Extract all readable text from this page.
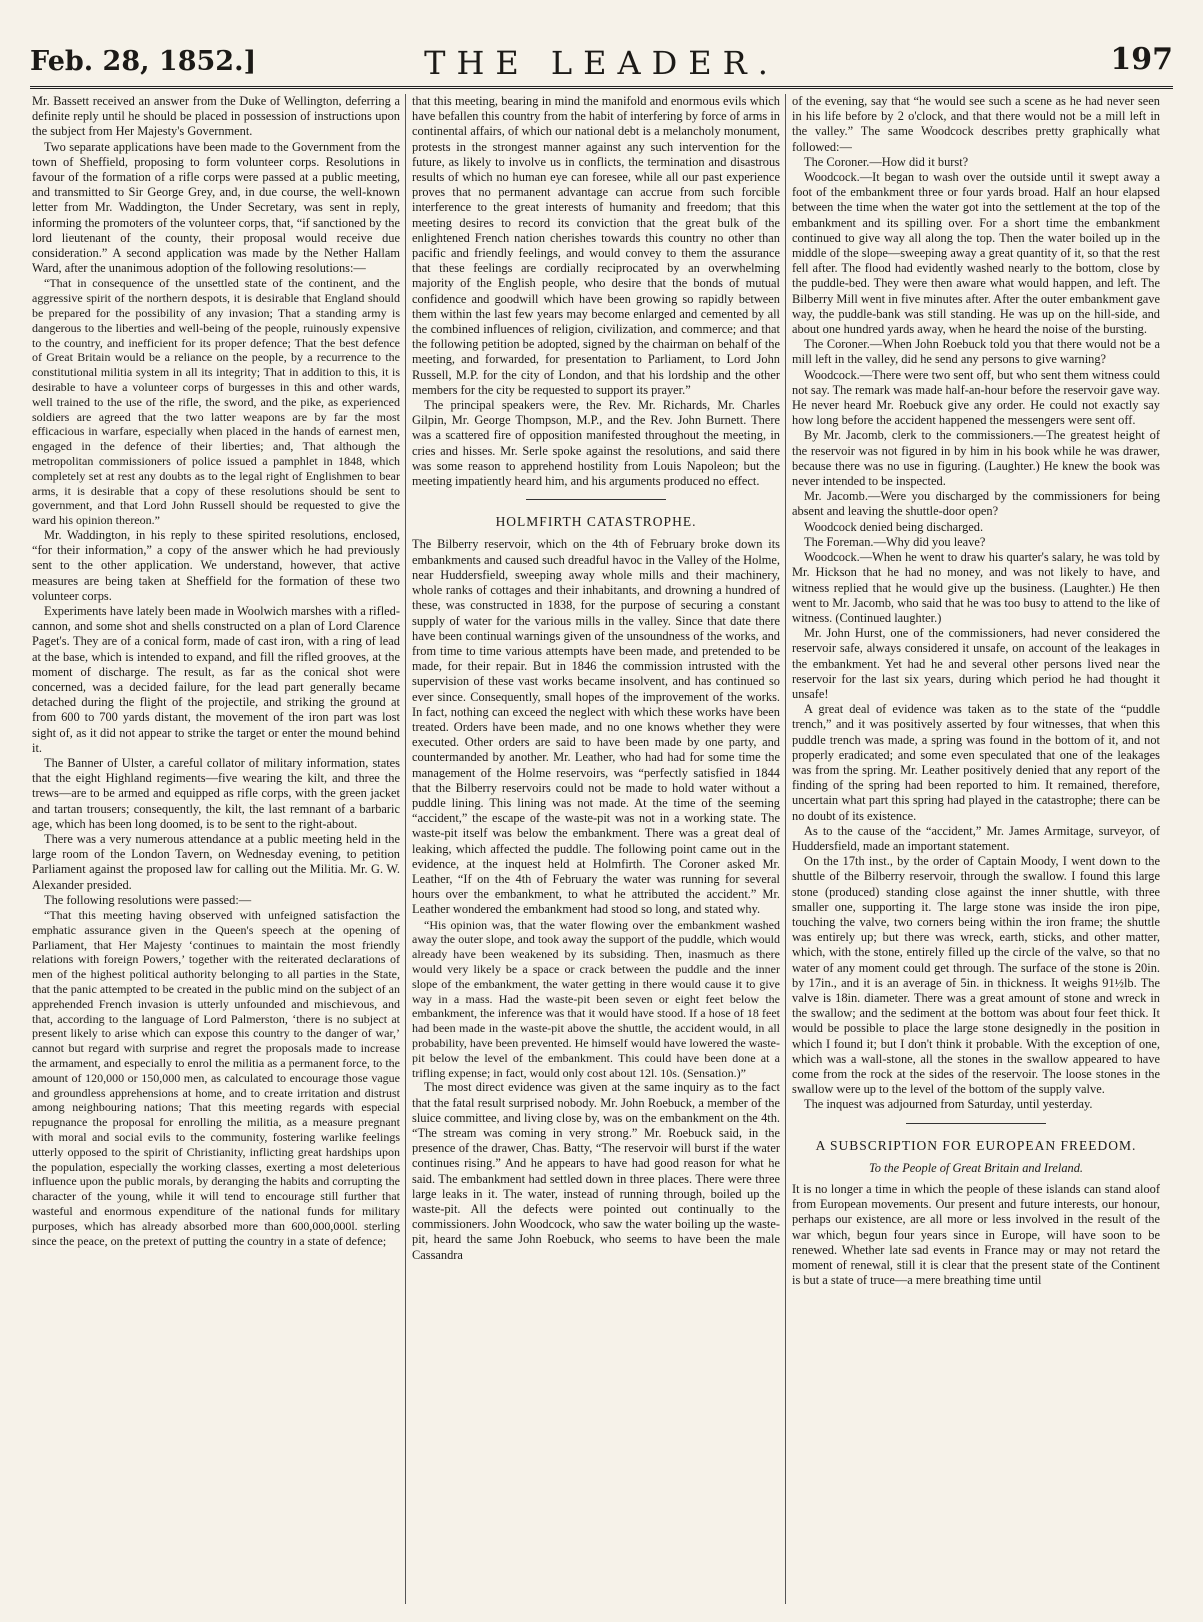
Feb. 28, 1852.]	THE LEADER.	197

Mr. Bassett received an answer from the Duke of Wellington, deferring a definite reply until he should be placed in possession of instructions upon the subject from Her Majesty's Government.

Two separate applications have been made to the Government from the town of Sheffield, proposing to form volunteer corps. Resolutions in favour of the formation of a rifle corps were passed at a public meeting, and transmitted to Sir George Grey, and, in due course, the well-known letter from Mr. Waddington, the Under Secretary, was sent in reply, informing the promoters of the volunteer corps, that, “if sanctioned by the lord lieutenant of the county, their proposal would receive due consideration.” A second application was made by the Nether Hallam Ward, after the unanimous adoption of the following resolutions:—

“That in consequence of the unsettled state of the continent, and the aggressive spirit of the northern despots, it is desirable that England should be prepared for the possibility of any invasion; That a standing army is dangerous to the liberties and well-being of the people, ruinously expensive to the country, and inefficient for its proper defence; That the best defence of Great Britain would be a reliance on the people, by a recurrence to the constitutional militia system in all its integrity; That in addition to this, it is desirable to have a volunteer corps of burgesses in this and other wards, well trained to the use of the rifle, the sword, and the pike, as experienced soldiers are agreed that the two latter weapons are by far the most efficacious in warfare, especially when placed in the hands of earnest men, engaged in the defence of their liberties; and, That although the metropolitan commissioners of police issued a pamphlet in 1848, which completely set at rest any doubts as to the legal right of Englishmen to bear arms, it is desirable that a copy of these resolutions should be sent to government, and that Lord John Russell should be requested to give the ward his opinion thereon.”

Mr. Waddington, in his reply to these spirited resolutions, enclosed, “for their information,” a copy of the answer which he had previously sent to the other application. We understand, however, that active measures are being taken at Sheffield for the formation of these two volunteer corps.

Experiments have lately been made in Woolwich marshes with a rifled-cannon, and some shot and shells constructed on a plan of Lord Clarence Paget's. They are of a conical form, made of cast iron, with a ring of lead at the base, which is intended to expand, and fill the rifled grooves, at the moment of discharge. The result, as far as the conical shot were concerned, was a decided failure, for the lead part generally became detached during the flight of the projectile, and striking the ground at from 600 to 700 yards distant, the movement of the iron part was lost sight of, as it did not appear to strike the target or enter the mound behind it.

The Banner of Ulster, a careful collator of military information, states that the eight Highland regiments—five wearing the kilt, and three the trews—are to be armed and equipped as rifle corps, with the green jacket and tartan trousers; consequently, the kilt, the last remnant of a barbaric age, which has been long doomed, is to be sent to the right-about.

There was a very numerous attendance at a public meeting held in the large room of the London Tavern, on Wednesday evening, to petition Parliament against the proposed law for calling out the Militia. Mr. G. W. Alexander presided.

The following resolutions were passed:—

“That this meeting having observed with unfeigned satisfaction the emphatic assurance given in the Queen's speech at the opening of Parliament, that Her Majesty ‘continues to maintain the most friendly relations with foreign Powers,’ together with the reiterated declarations of men of the highest political authority belonging to all parties in the State, that the panic attempted to be created in the public mind on the subject of an apprehended French invasion is utterly unfounded and mischievous, and that, according to the language of Lord Palmerston, ‘there is no subject at present likely to arise which can expose this country to the danger of war,’ cannot but regard with surprise and regret the proposals made to increase the armament, and especially to enrol the militia as a permanent force, to the amount of 120,000 or 150,000 men, as calculated to encourage those vague and groundless apprehensions at home, and to create irritation and distrust among neighbouring nations; That this meeting regards with especial repugnance the proposal for enrolling the militia, as a measure pregnant with moral and social evils to the community, fostering warlike feelings utterly opposed to the spirit of Christianity, inflicting great hardships upon the population, especially the working classes, exerting a most deleterious influence upon the public morals, by deranging the habits and corrupting the character of the young, while it will tend to encourage still further that wasteful and enormous expenditure of the national funds for military purposes, which has already absorbed more than 600,000,000l. sterling since the peace, on the pretext of putting the country in a state of defence;

that this meeting, bearing in mind the manifold and enormous evils which have befallen this country from the habit of interfering by force of arms in continental affairs, of which our national debt is a melancholy monument, protests in the strongest manner against any such intervention for the future, as likely to involve us in conflicts, the termination and disastrous results of which no human eye can foresee, while all our past experience proves that no permanent advantage can accrue from such forcible interference to the great interests of humanity and freedom; that this meeting desires to record its conviction that the great bulk of the enlightened French nation cherishes towards this country no other than pacific and friendly feelings, and would convey to them the assurance that these feelings are cordially reciprocated by an overwhelming majority of the English people, who desire that the bonds of mutual confidence and goodwill which have been growing so rapidly between them within the last few years may become enlarged and cemented by all the combined influences of religion, civilization, and commerce; and that the following petition be adopted, signed by the chairman on behalf of the meeting, and forwarded, for presentation to Parliament, to Lord John Russell, M.P. for the city of London, and that his lordship and the other members for the city be requested to support its prayer.”

The principal speakers were, the Rev. Mr. Richards, Mr. Charles Gilpin, Mr. George Thompson, M.P., and the Rev. John Burnett. There was a scattered fire of opposition manifested throughout the meeting, in cries and hisses. Mr. Serle spoke against the resolutions, and said there was some reason to apprehend hostility from Louis Napoleon; but the meeting impatiently heard him, and his arguments produced no effect.

HOLMFIRTH CATASTROPHE.

The Bilberry reservoir, which on the 4th of February broke down its embankments and caused such dreadful havoc in the Valley of the Holme, near Huddersfield, sweeping away whole mills and their machinery, whole ranks of cottages and their inhabitants, and drowning a hundred of these, was constructed in 1838, for the purpose of securing a constant supply of water for the various mills in the valley. Since that date there have been continual warnings given of the unsoundness of the works, and from time to time various attempts have been made, and pretended to be made, for their repair. But in 1846 the commission intrusted with the supervision of these vast works became insolvent, and has continued so ever since. Consequently, small hopes of the improvement of the works. In fact, nothing can exceed the neglect with which these works have been treated. Orders have been made, and no one knows whether they were executed. Other orders are said to have been made by one party, and countermanded by another. Mr. Leather, who had had for some time the management of the Holme reservoirs, was “perfectly satisfied in 1844 that the Bilberry reservoirs could not be made to hold water without a puddle lining. This lining was not made. At the time of the seeming “accident,” the escape of the waste-pit was not in a working state. The waste-pit itself was below the embankment. There was a great deal of leaking, which affected the puddle. The following point came out in the evidence, at the inquest held at Holmfirth. The Coroner asked Mr. Leather, “If on the 4th of February the water was running for several hours over the embankment, to what he attributed the accident.” Mr. Leather wondered the embankment had stood so long, and stated why.

“His opinion was, that the water flowing over the embankment washed away the outer slope, and took away the support of the puddle, which would already have been weakened by its subsiding. Then, inasmuch as there would very likely be a space or crack between the puddle and the inner slope of the embankment, the water getting in there would cause it to give way in a mass. Had the waste-pit been seven or eight feet below the embankment, the inference was that it would have stood. If a hose of 18 feet had been made in the waste-pit above the shuttle, the accident would, in all probability, have been prevented. He himself would have lowered the waste-pit below the level of the embankment. This could have been done at a trifling expense; in fact, would only cost about 12l. 10s. (Sensation.)”

The most direct evidence was given at the same inquiry as to the fact that the fatal result surprised nobody. Mr. John Roebuck, a member of the sluice committee, and living close by, was on the embankment on the 4th. “The stream was coming in very strong.” Mr. Roebuck said, in the presence of the drawer, Chas. Batty, “The reservoir will burst if the water continues rising.” And he appears to have had good reason for what he said. The embankment had settled down in three places. There were three large leaks in it. The water, instead of running through, boiled up the waste-pit. All the defects were pointed out continually to the commissioners. John Woodcock, who saw the water boiling up the waste-pit, heard the same John Roebuck, who seems to have been the male Cassandra

of the evening, say that “he would see such a scene as he had never seen in his life before by 2 o'clock, and that there would not be a mill left in the valley.” The same Woodcock describes pretty graphically what followed:—

The Coroner.—How did it burst?

Woodcock.—It began to wash over the outside until it swept away a foot of the embankment three or four yards broad. Half an hour elapsed between the time when the water got into the settlement at the top of the embankment and its spilling over. For a short time the embankment continued to give way all along the top. Then the water boiled up in the middle of the slope—sweeping away a great quantity of it, so that the rest fell after. The flood had evidently washed nearly to the bottom, close by the puddle-bed. They were then aware what would happen, and left. The Bilberry Mill went in five minutes after. After the outer embankment gave way, the puddle-bank was still standing. He was up on the hill-side, and about one hundred yards away, when he heard the noise of the bursting.

The Coroner.—When John Roebuck told you that there would not be a mill left in the valley, did he send any persons to give warning?

Woodcock.—There were two sent off, but who sent them witness could not say. The remark was made half-an-hour before the reservoir gave way. He never heard Mr. Roebuck give any order. He could not exactly say how long before the accident happened the messengers were sent off.

By Mr. Jacomb, clerk to the commissioners.—The greatest height of the reservoir was not figured in by him in his book while he was drawer, because there was no use in figuring. (Laughter.) He knew the book was never intended to be inspected.

Mr. Jacomb.—Were you discharged by the commissioners for being absent and leaving the shuttle-door open?

Woodcock denied being discharged.

The Foreman.—Why did you leave?

Woodcock.—When he went to draw his quarter's salary, he was told by Mr. Hickson that he had no money, and was not likely to have, and witness replied that he would give up the business. (Laughter.) He then went to Mr. Jacomb, who said that he was too busy to attend to the like of witness. (Continued laughter.)

Mr. John Hurst, one of the commissioners, had never considered the reservoir safe, always considered it unsafe, on account of the leakages in the embankment. Yet had he and several other persons lived near the reservoir for the last six years, during which period he had thought it unsafe!

A great deal of evidence was taken as to the state of the “puddle trench,” and it was positively asserted by four witnesses, that when this puddle trench was made, a spring was found in the bottom of it, and not properly eradicated; and some even speculated that one of the leakages was from the spring. Mr. Leather positively denied that any report of the finding of the spring had been reported to him. It remained, therefore, uncertain what part this spring had played in the catastrophe; there can be no doubt of its existence.

As to the cause of the “accident,” Mr. James Armitage, surveyor, of Huddersfield, made an important statement.

On the 17th inst., by the order of Captain Moody, I went down to the shuttle of the Bilberry reservoir, through the swallow. I found this large stone (produced) standing close against the inner shuttle, with three smaller one, supporting it. The large stone was inside the iron pipe, touching the valve, two corners being within the iron frame; the shuttle was entirely up; but there was wreck, earth, sticks, and other matter, which, with the stone, entirely filled up the circle of the valve, so that no water of any moment could get through. The surface of the stone is 20in. by 17in., and it is an average of 5in. in thickness. It weighs 91½lb. The valve is 18in. diameter. There was a great amount of stone and wreck in the swallow; and the sediment at the bottom was about four feet thick. It would be possible to place the large stone designedly in the position in which I found it; but I don't think it probable. With the exception of one, which was a wall-stone, all the stones in the swallow appeared to have come from the rock at the sides of the reservoir. The loose stones in the swallow were up to the level of the bottom of the supply valve.

The inquest was adjourned from Saturday, until yesterday.

A SUBSCRIPTION FOR EUROPEAN FREEDOM.
To the People of Great Britain and Ireland.

It is no longer a time in which the people of these islands can stand aloof from European movements. Our present and future interests, our honour, perhaps our existence, are all more or less involved in the result of the war which, begun four years since in Europe, will have soon to be renewed. Whether late sad events in France may or may not retard the moment of renewal, still it is clear that the present state of the Continent is but a state of truce—a mere breathing time until
